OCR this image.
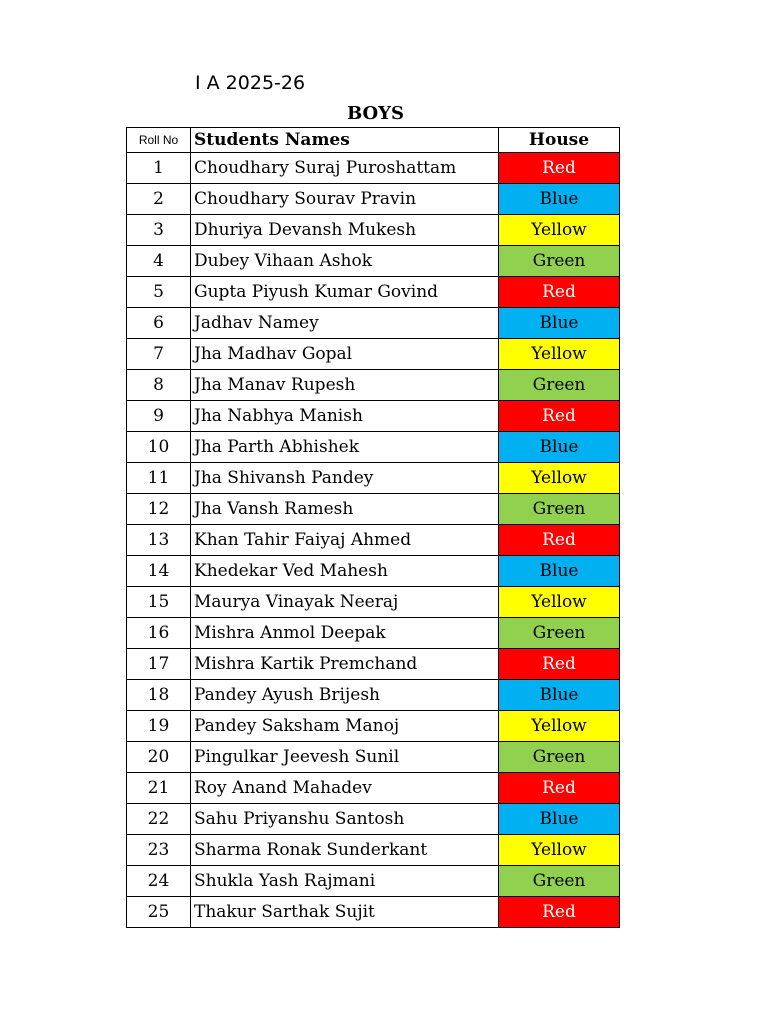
I A 2025-26
BOYS
Roll No	Students Names	House
1	Choudhary Suraj Puroshattam	Red
2	Choudhary Sourav Pravin	Blue
3	Dhuriya Devansh Mukesh	Yellow
4	Dubey Vihaan Ashok	Green
5	Gupta Piyush Kumar Govind	Red
6	Jadhav Namey	Blue
7	Jha Madhav Gopal	Yellow
8	Jha Manav Rupesh	Green
9	Jha Nabhya Manish	Red
10	Jha Parth Abhishek	Blue
11	Jha Shivansh Pandey	Yellow
12	Jha Vansh Ramesh	Green
13	Khan Tahir Faiyaj Ahmed	Red
14	Khedekar Ved Mahesh	Blue
15	Maurya Vinayak Neeraj	Yellow
16	Mishra Anmol Deepak	Green
17	Mishra Kartik Premchand	Red
18	Pandey Ayush Brijesh	Blue
19	Pandey Saksham Manoj	Yellow
20	Pingulkar Jeevesh Sunil	Green
21	Roy Anand Mahadev	Red
22	Sahu Priyanshu Santosh	Blue
23	Sharma Ronak Sunderkant	Yellow
24	Shukla Yash Rajmani	Green
25	Thakur Sarthak Sujit	Red
